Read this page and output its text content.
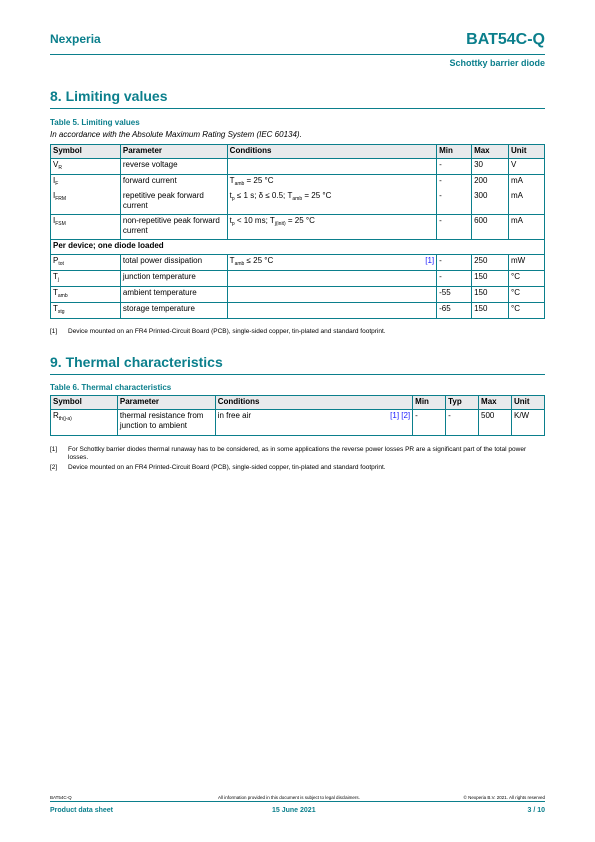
Nexperia	BAT54C-Q
Schottky barrier diode
8. Limiting values
Table 5. Limiting values
In accordance with the Absolute Maximum Rating System (IEC 60134).
Symbol	Parameter	Conditions		Min	Max	Unit
$V_R$	reverse voltage			-	30	V
$I_F$	forward current	$T_{amb} = 25$ °C		-	200	mA
$I_{FRM}$	repetitive peak forward current	$t_p \le 1$ s; δ ≤ 0.5; $T_{amb} = 25$ °C		-	300	mA
$I_{FSM}$	non-repetitive peak forward current	$t_p < 10$ ms; $T_{j(init)} = 25$ °C		-	600	mA
Per device; one diode loaded						
$P_{tot}$	total power dissipation	$T_{amb} \le 25$ °C	[1]	-	250	mW
$T_j$	junction temperature			-	150	°C
$T_{amb}$	ambient temperature			-55	150	°C
$T_{stg}$	storage temperature			-65	150	°C
[1] Device mounted on an FR4 Printed-Circuit Board (PCB), single-sided copper, tin-plated and standard footprint.
9. Thermal characteristics
Table 6. Thermal characteristics
Symbol	Parameter	Conditions		Min	Typ	Max	Unit
$R_{th(j-a)}$	thermal resistance from junction to ambient	in free air	[1] [2]	-	-	500	K/W
[1] For Schottky barrier diodes thermal runaway has to be considered, as in some applications the reverse power losses PR are a significant part of the total power losses.
[2] Device mounted on an FR4 Printed-Circuit Board (PCB), single-sided copper, tin-plated and standard footprint.
BAT54C-Q	All information provided in this document is subject to legal disclaimers.	© Nexperia B.V. 2021. All rights reserved
Product data sheet	15 June 2021	3 / 10
